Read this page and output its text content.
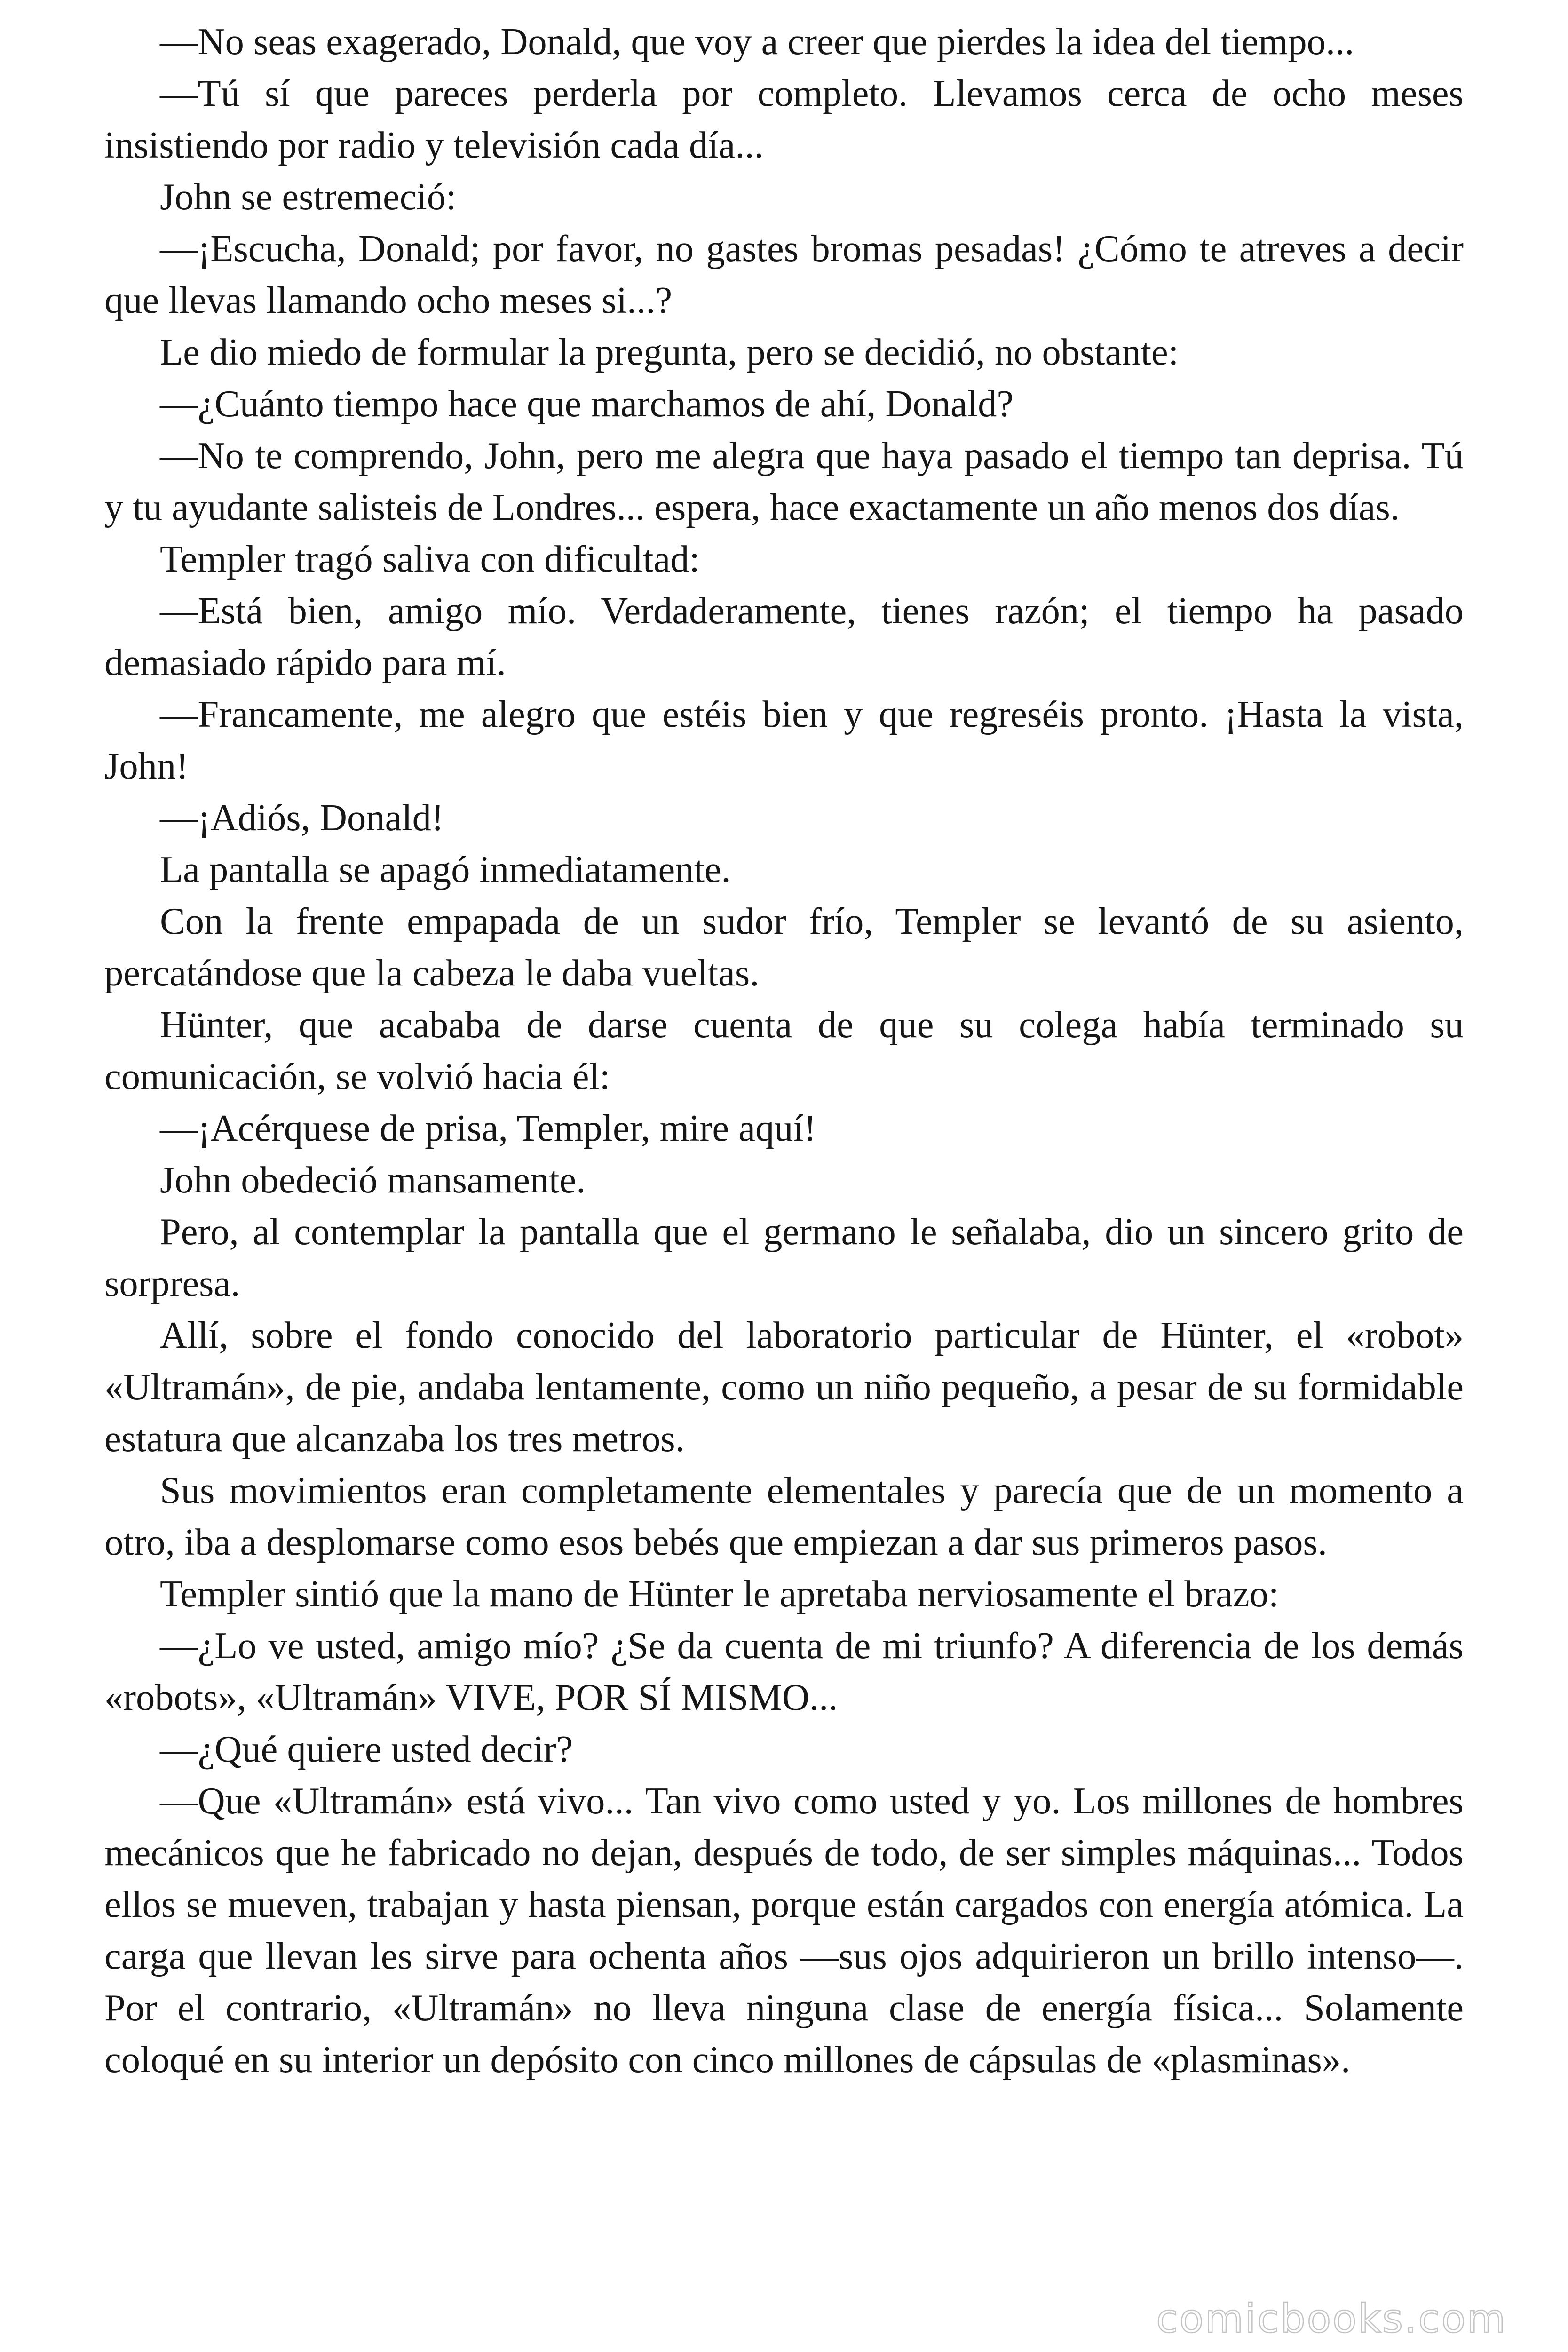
—No seas exagerado, Donald, que voy a creer que pierdes la idea del tiempo...

—Tú sí que pareces perderla por completo. Llevamos cerca de ocho meses insistiendo por radio y televisión cada día...

John se estremeció:

—¡Escucha, Donald; por favor, no gastes bromas pesadas! ¿Cómo te atreves a decir que llevas llamando ocho meses si...?

Le dio miedo de formular la pregunta, pero se decidió, no obstante:

—¿Cuánto tiempo hace que marchamos de ahí, Donald?

—No te comprendo, John, pero me alegra que haya pasado el tiempo tan deprisa. Tú y tu ayudante salisteis de Londres... espera, hace exactamente un año menos dos días.

Templer tragó saliva con dificultad:

—Está bien, amigo mío. Verdaderamente, tienes razón; el tiempo ha pasado demasiado rápido para mí.

—Francamente, me alegro que estéis bien y que regreséis pronto. ¡Hasta la vista, John!

—¡Adiós, Donald!

La pantalla se apagó inmediatamente.

Con la frente empapada de un sudor frío, Templer se levantó de su asiento, percatándose que la cabeza le daba vueltas.

Hünter, que acababa de darse cuenta de que su colega había terminado su comunicación, se volvió hacia él:

—¡Acérquese de prisa, Templer, mire aquí!

John obedeció mansamente.

Pero, al contemplar la pantalla que el germano le señalaba, dio un sincero grito de sorpresa.

Allí, sobre el fondo conocido del laboratorio particular de Hünter, el «robot» «Ultramán», de pie, andaba lentamente, como un niño pequeño, a pesar de su formidable estatura que alcanzaba los tres metros.

Sus movimientos eran completamente elementales y parecía que de un momento a otro, iba a desplomarse como esos bebés que empiezan a dar sus primeros pasos.

Templer sintió que la mano de Hünter le apretaba nerviosamente el brazo:

—¿Lo ve usted, amigo mío? ¿Se da cuenta de mi triunfo? A diferencia de los demás «robots», «Ultramán» VIVE, POR SÍ MISMO...

—¿Qué quiere usted decir?

—Que «Ultramán» está vivo... Tan vivo como usted y yo. Los millones de hombres mecánicos que he fabricado no dejan, después de todo, de ser simples máquinas... Todos ellos se mueven, trabajan y hasta piensan, porque están cargados con energía atómica. La carga que llevan les sirve para ochenta años —sus ojos adquirieron un brillo intenso—. Por el contrario, «Ultramán» no lleva ninguna clase de energía física... Solamente coloqué en su interior un depósito con cinco millones de cápsulas de «plasminas».

comicbooks.com
